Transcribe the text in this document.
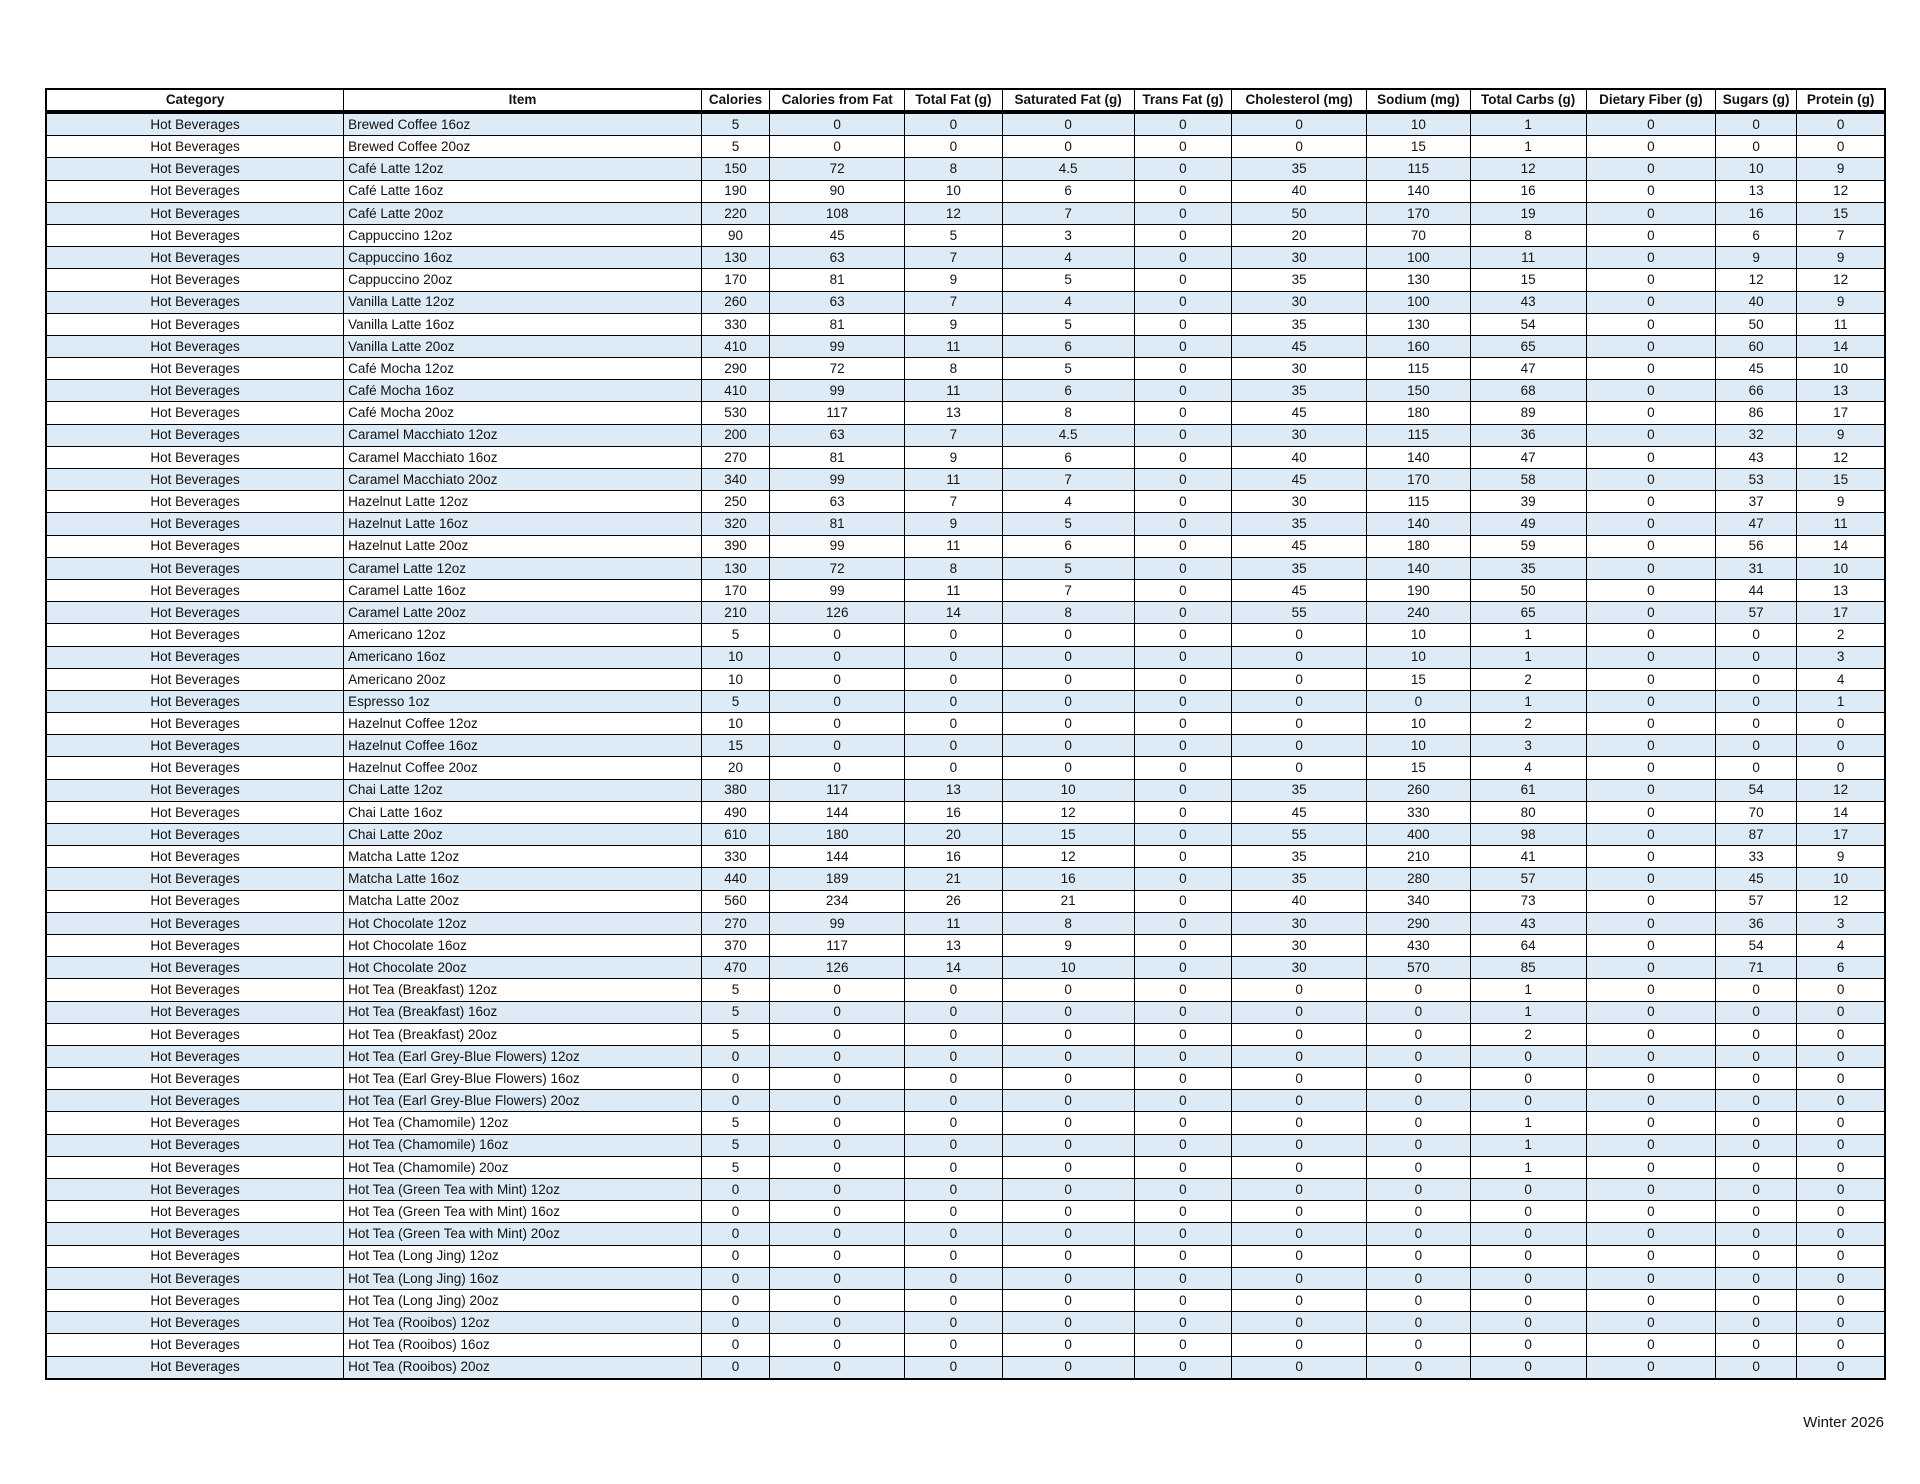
Category	Item	Calories	Calories from Fat	Total Fat (g)	Saturated Fat (g)	Trans Fat (g)	Cholesterol (mg)	Sodium (mg)	Total Carbs (g)	Dietary Fiber (g)	Sugars (g)	Protein (g)
Hot Beverages	Brewed Coffee 16oz	5	0	0	0	0	0	10	1	0	0	0
Hot Beverages	Brewed Coffee 20oz	5	0	0	0	0	0	15	1	0	0	0
Hot Beverages	Café Latte 12oz	150	72	8	4.5	0	35	115	12	0	10	9
Hot Beverages	Café Latte 16oz	190	90	10	6	0	40	140	16	0	13	12
Hot Beverages	Café Latte 20oz	220	108	12	7	0	50	170	19	0	16	15
Hot Beverages	Cappuccino 12oz	90	45	5	3	0	20	70	8	0	6	7
Hot Beverages	Cappuccino 16oz	130	63	7	4	0	30	100	11	0	9	9
Hot Beverages	Cappuccino 20oz	170	81	9	5	0	35	130	15	0	12	12
Hot Beverages	Vanilla Latte 12oz	260	63	7	4	0	30	100	43	0	40	9
Hot Beverages	Vanilla Latte 16oz	330	81	9	5	0	35	130	54	0	50	11
Hot Beverages	Vanilla Latte 20oz	410	99	11	6	0	45	160	65	0	60	14
Hot Beverages	Café Mocha 12oz	290	72	8	5	0	30	115	47	0	45	10
Hot Beverages	Café Mocha 16oz	410	99	11	6	0	35	150	68	0	66	13
Hot Beverages	Café Mocha 20oz	530	117	13	8	0	45	180	89	0	86	17
Hot Beverages	Caramel Macchiato 12oz	200	63	7	4.5	0	30	115	36	0	32	9
Hot Beverages	Caramel Macchiato 16oz	270	81	9	6	0	40	140	47	0	43	12
Hot Beverages	Caramel Macchiato 20oz	340	99	11	7	0	45	170	58	0	53	15
Hot Beverages	Hazelnut Latte 12oz	250	63	7	4	0	30	115	39	0	37	9
Hot Beverages	Hazelnut Latte 16oz	320	81	9	5	0	35	140	49	0	47	11
Hot Beverages	Hazelnut Latte 20oz	390	99	11	6	0	45	180	59	0	56	14
Hot Beverages	Caramel Latte 12oz	130	72	8	5	0	35	140	35	0	31	10
Hot Beverages	Caramel Latte 16oz	170	99	11	7	0	45	190	50	0	44	13
Hot Beverages	Caramel Latte 20oz	210	126	14	8	0	55	240	65	0	57	17
Hot Beverages	Americano 12oz	5	0	0	0	0	0	10	1	0	0	2
Hot Beverages	Americano 16oz	10	0	0	0	0	0	10	1	0	0	3
Hot Beverages	Americano 20oz	10	0	0	0	0	0	15	2	0	0	4
Hot Beverages	Espresso 1oz	5	0	0	0	0	0	0	1	0	0	1
Hot Beverages	Hazelnut Coffee 12oz	10	0	0	0	0	0	10	2	0	0	0
Hot Beverages	Hazelnut Coffee 16oz	15	0	0	0	0	0	10	3	0	0	0
Hot Beverages	Hazelnut Coffee 20oz	20	0	0	0	0	0	15	4	0	0	0
Hot Beverages	Chai Latte 12oz	380	117	13	10	0	35	260	61	0	54	12
Hot Beverages	Chai Latte 16oz	490	144	16	12	0	45	330	80	0	70	14
Hot Beverages	Chai Latte 20oz	610	180	20	15	0	55	400	98	0	87	17
Hot Beverages	Matcha Latte 12oz	330	144	16	12	0	35	210	41	0	33	9
Hot Beverages	Matcha Latte 16oz	440	189	21	16	0	35	280	57	0	45	10
Hot Beverages	Matcha Latte 20oz	560	234	26	21	0	40	340	73	0	57	12
Hot Beverages	Hot Chocolate 12oz	270	99	11	8	0	30	290	43	0	36	3
Hot Beverages	Hot Chocolate 16oz	370	117	13	9	0	30	430	64	0	54	4
Hot Beverages	Hot Chocolate 20oz	470	126	14	10	0	30	570	85	0	71	6
Hot Beverages	Hot Tea (Breakfast) 12oz	5	0	0	0	0	0	0	1	0	0	0
Hot Beverages	Hot Tea (Breakfast) 16oz	5	0	0	0	0	0	0	1	0	0	0
Hot Beverages	Hot Tea (Breakfast) 20oz	5	0	0	0	0	0	0	2	0	0	0
Hot Beverages	Hot Tea (Earl Grey-Blue Flowers) 12oz	0	0	0	0	0	0	0	0	0	0	0
Hot Beverages	Hot Tea (Earl Grey-Blue Flowers) 16oz	0	0	0	0	0	0	0	0	0	0	0
Hot Beverages	Hot Tea (Earl Grey-Blue Flowers) 20oz	0	0	0	0	0	0	0	0	0	0	0
Hot Beverages	Hot Tea (Chamomile) 12oz	5	0	0	0	0	0	0	1	0	0	0
Hot Beverages	Hot Tea (Chamomile) 16oz	5	0	0	0	0	0	0	1	0	0	0
Hot Beverages	Hot Tea (Chamomile) 20oz	5	0	0	0	0	0	0	1	0	0	0
Hot Beverages	Hot Tea (Green Tea with Mint) 12oz	0	0	0	0	0	0	0	0	0	0	0
Hot Beverages	Hot Tea (Green Tea with Mint) 16oz	0	0	0	0	0	0	0	0	0	0	0
Hot Beverages	Hot Tea (Green Tea with Mint) 20oz	0	0	0	0	0	0	0	0	0	0	0
Hot Beverages	Hot Tea (Long Jing) 12oz	0	0	0	0	0	0	0	0	0	0	0
Hot Beverages	Hot Tea (Long Jing) 16oz	0	0	0	0	0	0	0	0	0	0	0
Hot Beverages	Hot Tea (Long Jing) 20oz	0	0	0	0	0	0	0	0	0	0	0
Hot Beverages	Hot Tea (Rooibos) 12oz	0	0	0	0	0	0	0	0	0	0	0
Hot Beverages	Hot Tea (Rooibos) 16oz	0	0	0	0	0	0	0	0	0	0	0
Hot Beverages	Hot Tea (Rooibos) 20oz	0	0	0	0	0	0	0	0	0	0	0
Winter 2026
